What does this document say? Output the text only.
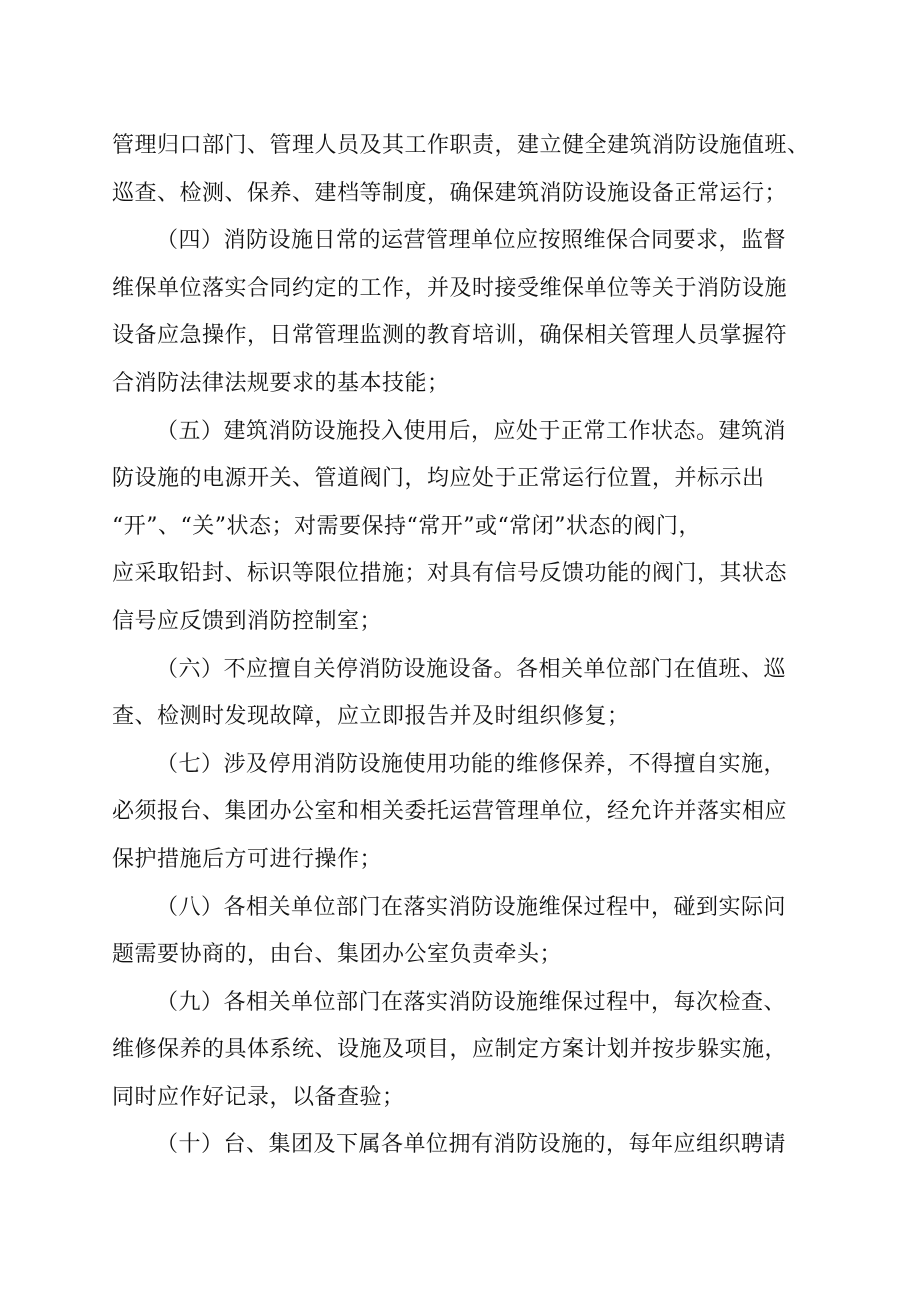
管理归口部门、管理人员及其工作职责，建立健全建筑消防设施值班、
巡查、检测、保养、建档等制度，确保建筑消防设施设备正常运行；
（四）消防设施日常的运营管理单位应按照维保合同要求，监督
维保单位落实合同约定的工作，并及时接受维保单位等关于消防设施
设备应急操作，日常管理监测的教育培训，确保相关管理人员掌握符
合消防法律法规要求的基本技能；
（五）建筑消防设施投入使用后，应处于正常工作状态。建筑消
防设施的电源开关、管道阀门，均应处于正常运行位置，并标示出
“开”、“关”状态；对需要保持“常开”或“常闭”状态的阀门，
应采取铅封、标识等限位措施；对具有信号反馈功能的阀门，其状态
信号应反馈到消防控制室；
（六）不应擅自关停消防设施设备。各相关单位部门在值班、巡
查、检测时发现故障，应立即报告并及时组织修复；
（七）涉及停用消防设施使用功能的维修保养，不得擅自实施，
必须报台、集团办公室和相关委托运营管理单位，经允许并落实相应
保护措施后方可进行操作；
（八）各相关单位部门在落实消防设施维保过程中，碰到实际问
题需要协商的，由台、集团办公室负责牵头；
（九）各相关单位部门在落实消防设施维保过程中，每次检查、
维修保养的具体系统、设施及项目，应制定方案计划并按步躲实施，
同时应作好记录，以备查验；
（十）台、集团及下属各单位拥有消防设施的，每年应组织聘请
